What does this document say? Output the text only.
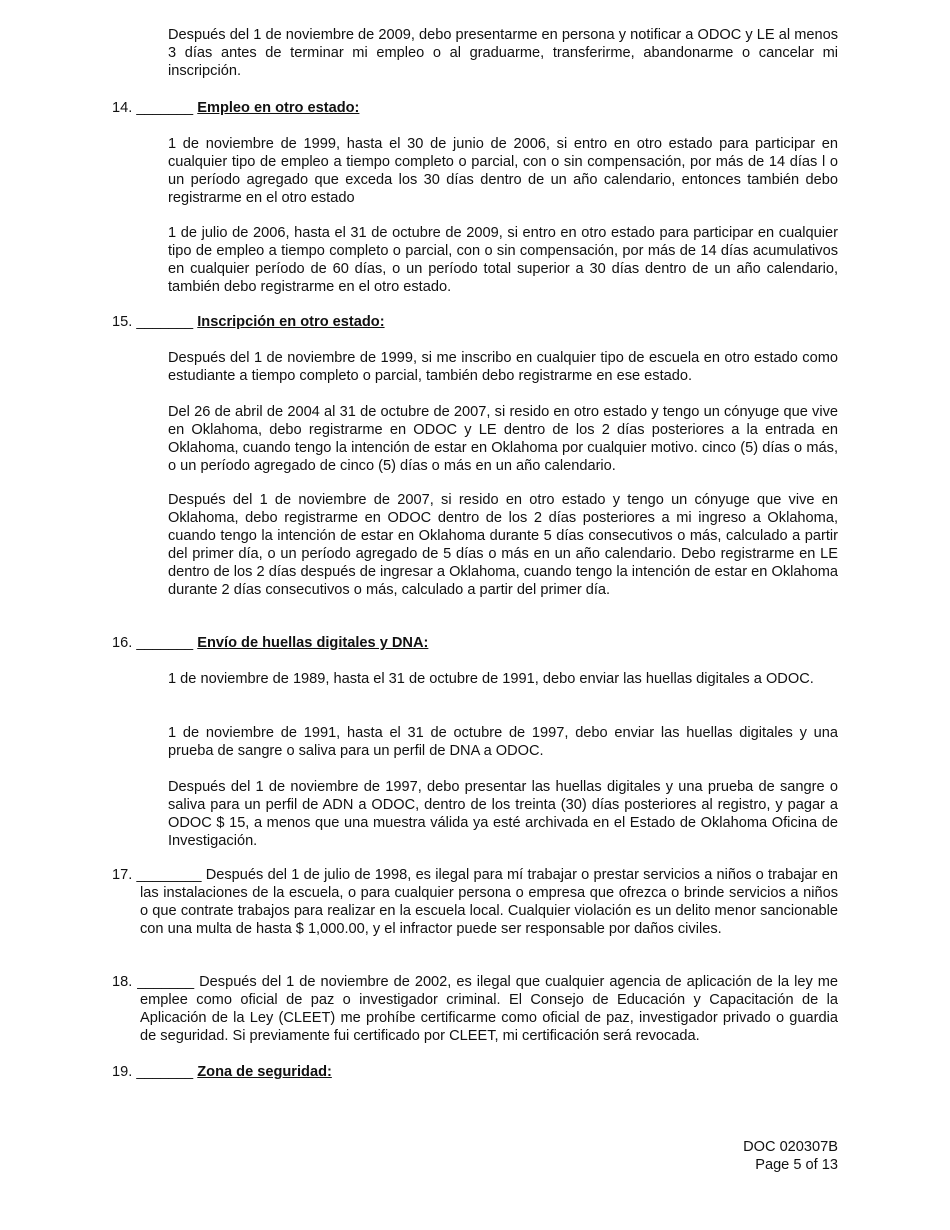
Después del 1 de noviembre de 2009, debo presentarme en persona y notificar a ODOC y LE al menos 3 días antes de terminar mi empleo o al graduarme, transferirme, abandonarme o cancelar mi inscripción.

14. _______ Empleo en otro estado:

1 de noviembre de 1999, hasta el 30 de junio de 2006, si entro en otro estado para participar en cualquier tipo de empleo a tiempo completo o parcial, con o sin compensación, por más de 14 días l o un período agregado que exceda los 30 días dentro de un año calendario, entonces también debo registrarme en el otro estado

1 de julio de 2006, hasta el 31 de octubre de 2009, si entro en otro estado para participar en cualquier tipo de empleo a tiempo completo o parcial, con o sin compensación, por más de 14 días acumulativos en cualquier período de 60 días, o un período total superior a 30 días dentro de un año calendario, también debo registrarme en el otro estado.

15. _______ Inscripción en otro estado:

Después del 1 de noviembre de 1999, si me inscribo en cualquier tipo de escuela en otro estado como estudiante a tiempo completo o parcial, también debo registrarme en ese estado.

Del 26 de abril de 2004 al 31 de octubre de 2007, si resido en otro estado y tengo un cónyuge que vive en Oklahoma, debo registrarme en ODOC y LE dentro de los 2 días posteriores a la entrada en Oklahoma, cuando tengo la intención de estar en Oklahoma por cualquier motivo. cinco (5) días o más, o un período agregado de cinco (5) días o más en un año calendario.

Después del 1 de noviembre de 2007, si resido en otro estado y tengo un cónyuge que vive en Oklahoma, debo registrarme en ODOC dentro de los 2 días posteriores a mi ingreso a Oklahoma, cuando tengo la intención de estar en Oklahoma durante 5 días consecutivos o más, calculado a partir del primer día, o un período agregado de 5 días o más en un año calendario. Debo registrarme en LE dentro de los 2 días después de ingresar a Oklahoma, cuando tengo la intención de estar en Oklahoma durante 2 días consecutivos o más, calculado a partir del primer día.

16. _______ Envío de huellas digitales y DNA:

1 de noviembre de 1989, hasta el 31 de octubre de 1991, debo enviar las huellas digitales a ODOC.

1 de noviembre de 1991, hasta el 31 de octubre de 1997, debo enviar las huellas digitales y una prueba de sangre o saliva para un perfil de DNA a ODOC.

Después del 1 de noviembre de 1997, debo presentar las huellas digitales y una prueba de sangre o saliva para un perfil de ADN a ODOC, dentro de los treinta (30) días posteriores al registro, y pagar a ODOC $ 15, a menos que una muestra válida ya esté archivada en el Estado de Oklahoma Oficina de Investigación.

17. ________ Después del 1 de julio de 1998, es ilegal para mí trabajar o prestar servicios a niños o trabajar en las instalaciones de la escuela, o para cualquier persona o empresa que ofrezca o brinde servicios a niños o que contrate trabajos para realizar en la escuela local. Cualquier violación es un delito menor sancionable con una multa de hasta $ 1,000.00, y el infractor puede ser responsable por daños civiles.

18. _______ Después del 1 de noviembre de 2002, es ilegal que cualquier agencia de aplicación de la ley me emplee como oficial de paz o investigador criminal. El Consejo de Educación y Capacitación de la Aplicación de la Ley (CLEET) me prohíbe certificarme como oficial de paz, investigador privado o guardia de seguridad. Si previamente fui certificado por CLEET, mi certificación será revocada.

19. _______ Zona de seguridad:

DOC 020307B
Page 5 of 13
